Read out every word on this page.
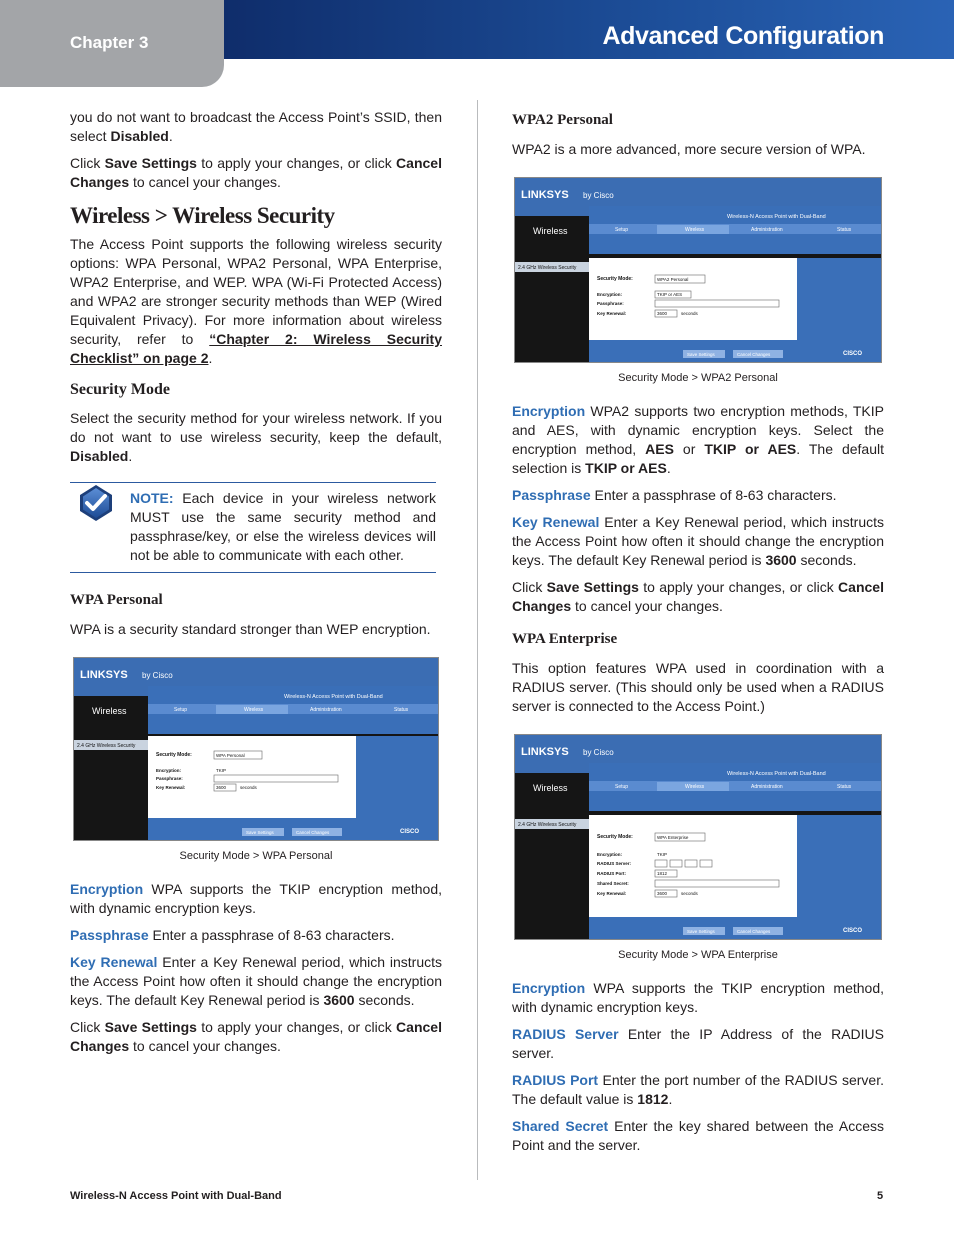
Chapter 3	Advanced Configuration

you do not want to broadcast the Access Point’s SSID, then select Disabled.

Click Save Settings to apply your changes, or click Cancel Changes to cancel your changes.

Wireless > Wireless Security

The Access Point supports the following wireless security options: WPA Personal, WPA2 Personal, WPA Enterprise, WPA2 Enterprise, and WEP. WPA (Wi-Fi Protected Access) and WPA2 are stronger security methods than WEP (Wired Equivalent Privacy). For more information about wireless security, refer to “Chapter 2: Wireless Security Checklist” on page 2.

Security Mode

Select the security method for your wireless network. If you do not want to use wireless security, keep the default, Disabled.

NOTE: Each device in your wireless network MUST use the same security method and passphrase/key, or else the wireless devices will not be able to communicate with each other.
WPA Personal

WPA is a security standard stronger than WEP encryption.

LINKSYS by Cisco
Wireless-N Access Point with Dual-Band
Setup	Wireless	Administration	Status
Wireless
2.4 GHz Wireless Security
Security Mode:	WPA Personal
Encryption:	TKIP
Passphrase:
Key Renewal:	3600	seconds
Save Settings	Cancel Changes	CISCO
Security Mode > WPA Personal

Encryption WPA supports the TKIP encryption method, with dynamic encryption keys.

Passphrase Enter a passphrase of 8-63 characters.

Key Renewal Enter a Key Renewal period, which instructs the Access Point how often it should change the encryption keys. The default Key Renewal period is 3600 seconds.

Click Save Settings to apply your changes, or click Cancel Changes to cancel your changes.

WPA2 Personal

WPA2 is a more advanced, more secure version of WPA.

LINKSYS by Cisco
Wireless-N Access Point with Dual-Band
Setup	Wireless	Administration	Status
Wireless
2.4 GHz Wireless Security
Security Mode:	WPA2 Personal
Encryption:	TKIP or AES
Passphrase:
Key Renewal:	3600	seconds
Save Settings	Cancel Changes	CISCO
Security Mode > WPA2 Personal

Encryption WPA2 supports two encryption methods, TKIP and AES, with dynamic encryption keys. Select the encryption method, AES or TKIP or AES. The default selection is TKIP or AES.

Passphrase Enter a passphrase of 8-63 characters.

Key Renewal Enter a Key Renewal period, which instructs the Access Point how often it should change the encryption keys. The default Key Renewal period is 3600 seconds.

Click Save Settings to apply your changes, or click Cancel Changes to cancel your changes.

WPA Enterprise

This option features WPA used in coordination with a RADIUS server. (This should only be used when a RADIUS server is connected to the Access Point.)

LINKSYS by Cisco
Wireless-N Access Point with Dual-Band
Setup	Wireless	Administration	Status
Wireless
2.4 GHz Wireless Security
Security Mode:	WPA Enterprise
Encryption:	TKIP
RADIUS Server:
RADIUS Port:	1812
Shared Secret:
Key Renewal:	3600	seconds
Save Settings	Cancel Changes	CISCO
Security Mode > WPA Enterprise

Encryption WPA supports the TKIP encryption method, with dynamic encryption keys.

RADIUS Server Enter the IP Address of the RADIUS server.

RADIUS Port Enter the port number of the RADIUS server. The default value is 1812.

Shared Secret Enter the key shared between the Access Point and the server.

Wireless-N Access Point with Dual-Band	5
